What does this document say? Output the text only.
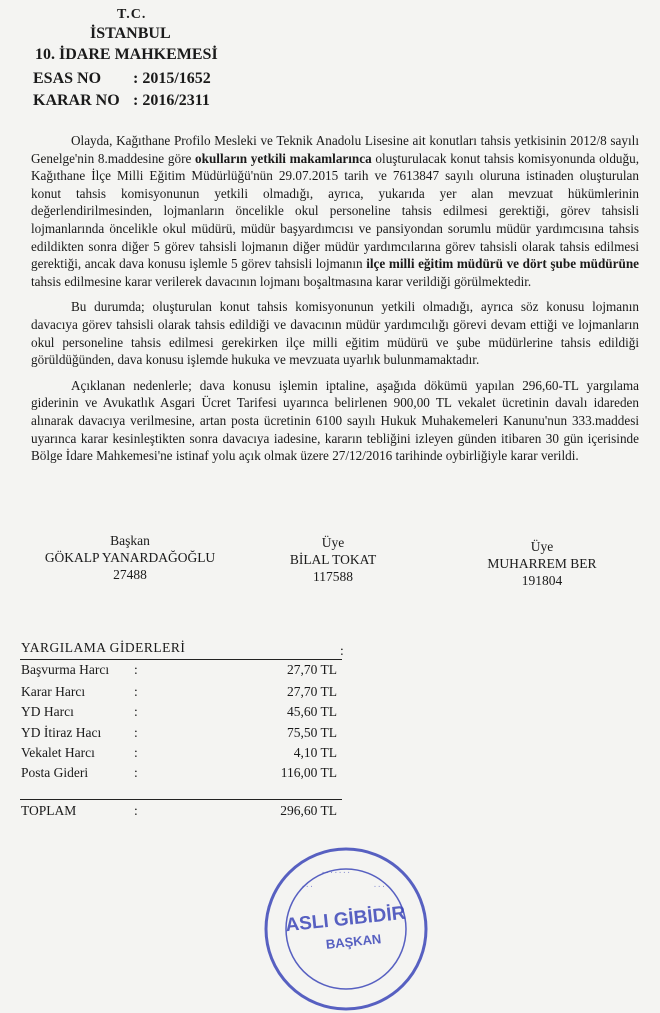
T.C.
İSTANBUL
10. İDARE MAHKEMESİ
ESAS NO : 2015/1652
KARAR NO : 2016/2311

Olayda, Kağıthane Profilo Mesleki ve Teknik Anadolu Lisesine ait konutları tahsis yetkisinin 2012/8 sayılı Genelge'nin 8.maddesine göre okulların yetkili makamlarınca oluşturulacak konut tahsis komisyonunda olduğu, Kağıthane İlçe Milli Eğitim Müdürlüğü'nün 29.07.2015 tarih ve 7613847 sayılı oluruna istinaden oluşturulan konut tahsis komisyonunun yetkili olmadığı, ayrıca, yukarıda yer alan mevzuat hükümlerinin değerlendirilmesinden, lojmanların öncelikle okul personeline tahsis edilmesi gerektiği, görev tahsisli lojmanlarında öncelikle okul müdürü, müdür başyardımcısı ve pansiyondan sorumlu müdür yardımcısına tahsis edildikten sonra diğer 5 görev tahsisli lojmanın diğer müdür yardımcılarına görev tahsisli olarak tahsis edilmesi gerektiği, ancak dava konusu işlemle 5 görev tahsisli lojmanın ilçe milli eğitim müdürü ve dört şube müdürüne tahsis edilmesine karar verilerek davacının lojmanı boşaltmasına karar verildiği görülmektedir.

Bu durumda; oluşturulan konut tahsis komisyonunun yetkili olmadığı, ayrıca söz konusu lojmanın davacıya görev tahsisli olarak tahsis edildiği ve davacının müdür yardımcılığı görevi devam ettiği ve lojmanların okul personeline tahsis edilmesi gerekirken ilçe milli eğitim müdürü ve şube müdürlerine tahsis edildiği görüldüğünden, dava konusu işlemde hukuka ve mevzuata uyarlık bulunmamaktadır.

Açıklanan nedenlerle; dava konusu işlemin iptaline, aşağıda dökümü yapılan 296,60-TL yargılama giderinin ve Avukatlık Asgari Ücret Tarifesi uyarınca belirlenen 900,00 TL vekalet ücretinin davalı idareden alınarak davacıya verilmesine, artan posta ücretinin 6100 sayılı Hukuk Muhakemeleri Kanunu'nun 333.maddesi uyarınca karar kesinleştikten sonra davacıya iadesine, kararın tebliğini izleyen günden itibaren 30 gün içerisinde Bölge İdare Mahkemesi'ne istinaf yolu açık olmak üzere 27/12/2016 tarihinde oybirliğiyle karar verildi.

Başkan
GÖKALP YANARDAĞOĞLU
27488
Üye
BİLAL TOKAT
117588
Üye
MUHARREM BER
191804
YARGILAMA GİDERLERİ	:
Başvurma Harcı :	27,70 TL
Karar Harcı	:	27,70 TL
YD Harcı	:	45,60 TL
YD İtiraz Hacı :	75,50 TL
Vekalet Harcı	:	4,10 TL
Posta Gideri	:	116,00 TL
TOPLAM	:	296,60 TL
· · · · · · ·
· · ·	· · ·
ASLI GİBİDİR
BAŞKAN
